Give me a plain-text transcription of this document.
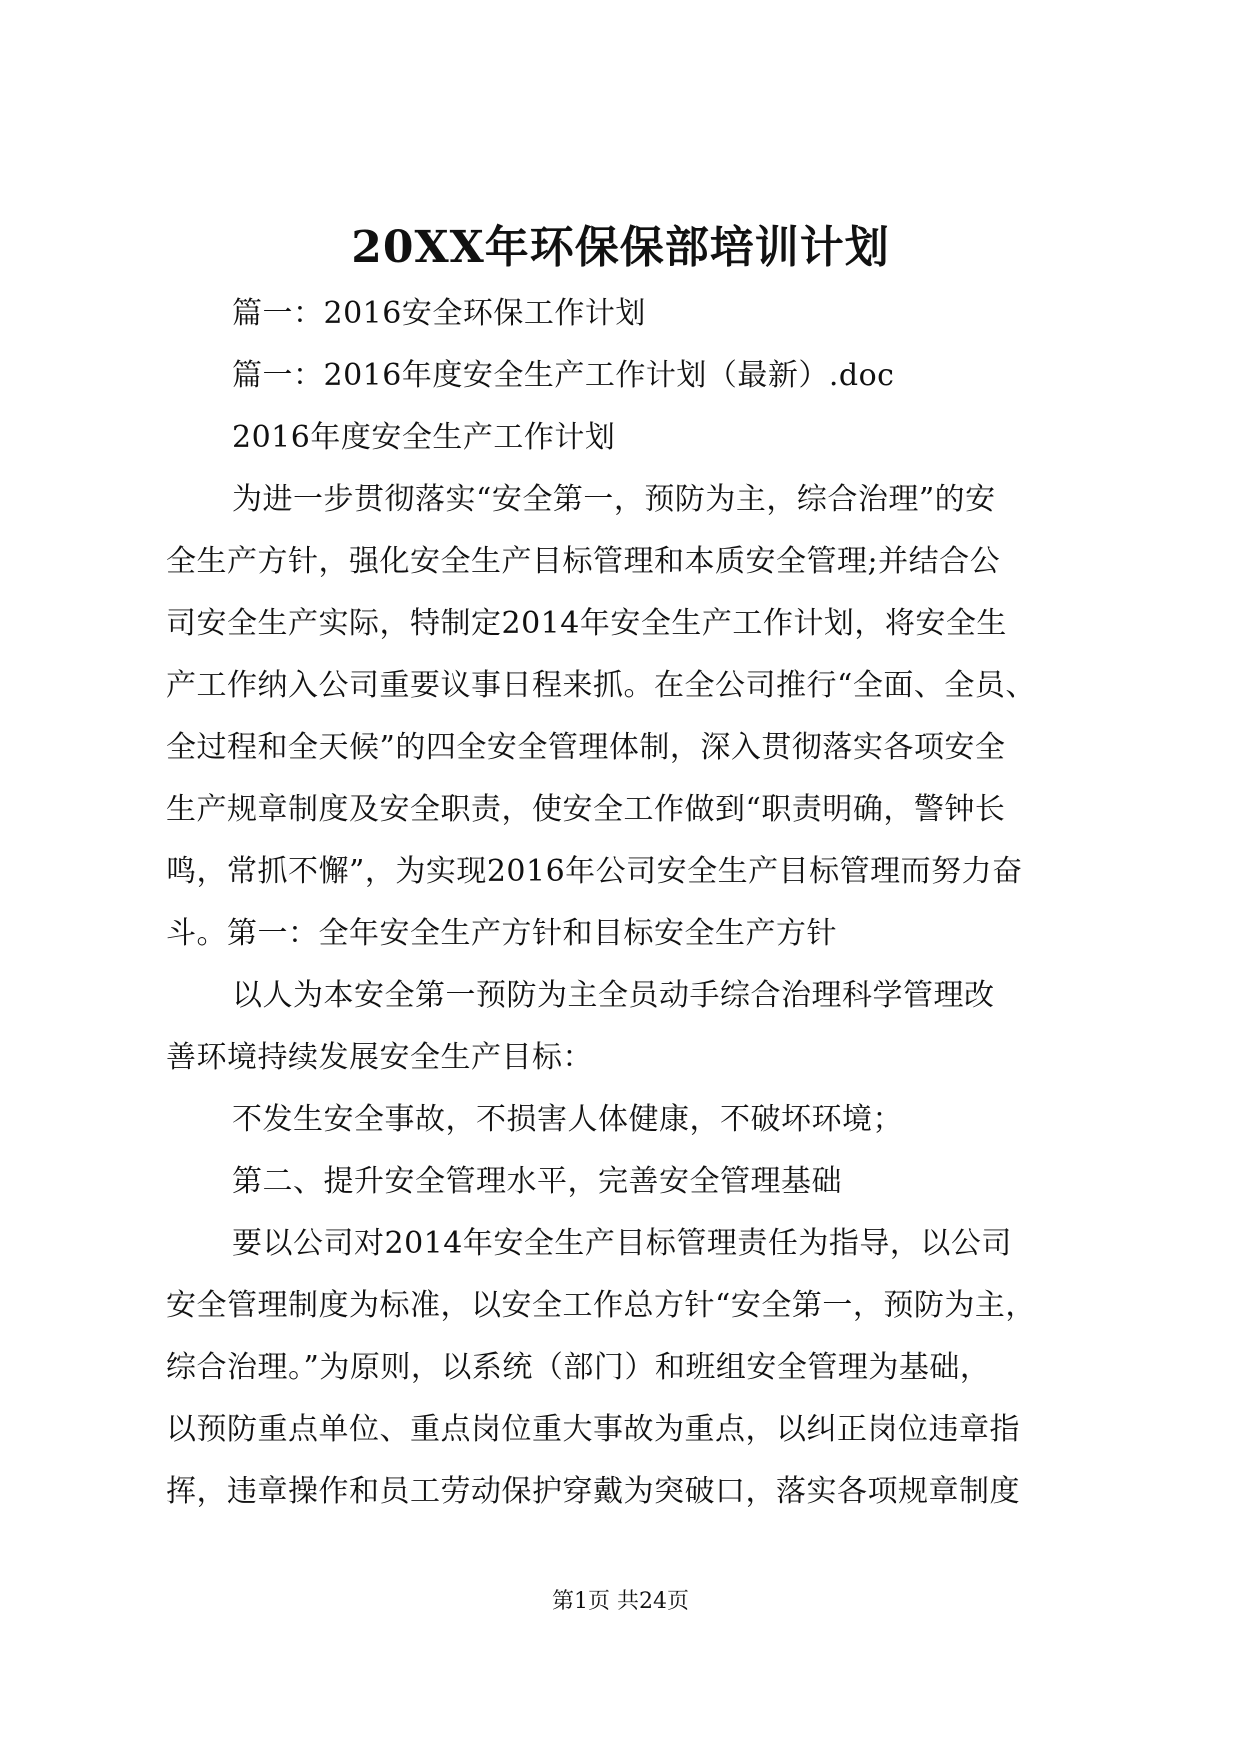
20XX年环保保部培训计划
篇一：2016安全环保工作计划
篇一：2016年度安全生产工作计划（最新）.doc
2016年度安全生产工作计划
为进一步贯彻落实“安全第一，预防为主，综合治理”的安
全生产方针，强化安全生产目标管理和本质安全管理;并结合公
司安全生产实际，特制定2014年安全生产工作计划，将安全生
产工作纳入公司重要议事日程来抓。在全公司推行“全面、全员、
全过程和全天候”的四全安全管理体制，深入贯彻落实各项安全
生产规章制度及安全职责，使安全工作做到“职责明确，警钟长
鸣，常抓不懈”，为实现2016年公司安全生产目标管理而努力奋
斗。第一：全年安全生产方针和目标安全生产方针
以人为本安全第一预防为主全员动手综合治理科学管理改
善环境持续发展安全生产目标：
不发生安全事故，不损害人体健康，不破坏环境；
第二、提升安全管理水平，完善安全管理基础
要以公司对2014年安全生产目标管理责任为指导，以公司
安全管理制度为标准，以安全工作总方针“安全第一，预防为主，
综合治理。”为原则，以系统（部门）和班组安全管理为基础，
以预防重点单位、重点岗位重大事故为重点，以纠正岗位违章指
挥，违章操作和员工劳动保护穿戴为突破口，落实各项规章制度
第1页 共24页
